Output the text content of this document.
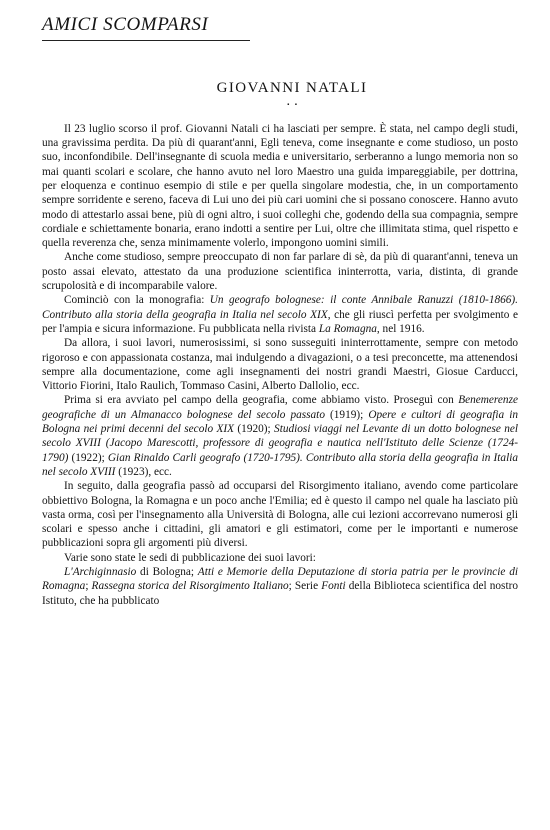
AMICI SCOMPARSI
GIOVANNI NATALI
▪ ▪

Il 23 luglio scorso il prof. Giovanni Natali ci ha lasciati per sempre. È stata, nel campo degli studi, una gravissima perdita. Da più di quarant'anni, Egli teneva, come insegnante e come studioso, un posto suo, inconfondibile. Dell'insegnante di scuola media e universitario, serberanno a lungo memoria non so mai quanti scolari e scolare, che hanno avuto nel loro Maestro una guida impareggiabile, per dottrina, per eloquenza e continuo esempio di stile e per quella singolare modestia, che, in un comportamento sempre sorridente e sereno, faceva di Lui uno dei più cari uomini che si possano conoscere. Hanno avuto modo di attestarlo assai bene, più di ogni altro, i suoi colleghi che, godendo della sua compagnia, sempre cordiale e schiettamente bonaria, erano indotti a sentire per Lui, oltre che illimitata stima, quel rispetto e quella reverenza che, senza minimamente volerlo, impongono uomini simili.

Anche come studioso, sempre preoccupato di non far parlare di sè, da più di quarant'anni, teneva un posto assai elevato, attestato da una produzione scientifica ininterrotta, varia, distinta, di grande scrupolosità e di incomparabile valore.

Cominciò con la monografia: Un geografo bolognese: il conte Annibale Ranuzzi (1810-1866). Contributo alla storia della geografia in Italia nel secolo XIX, che gli riuscì perfetta per svolgimento e per l'ampia e sicura informazione. Fu pubblicata nella rivista La Romagna, nel 1916.

Da allora, i suoi lavori, numerosissimi, si sono susseguiti ininterrottamente, sempre con metodo rigoroso e con appassionata costanza, mai indulgendo a divagazioni, o a tesi preconcette, ma attenendosi sempre alla documentazione, come agli insegnamenti dei nostri grandi Maestri, Giosue Carducci, Vittorio Fiorini, Italo Raulich, Tommaso Casini, Alberto Dallolio, ecc.

Prima si era avviato pel campo della geografia, come abbiamo visto. Proseguì con Benemerenze geografiche di un Almanacco bolognese del secolo passato (1919); Opere e cultori di geografia in Bologna nei primi decenni del secolo XIX (1920); Studiosi viaggi nel Levante di un dotto bolognese nel secolo XVIII (Jacopo Marescotti, professore di geografia e nautica nell'Istituto delle Scienze (1724-1790) (1922); Gian Rinaldo Carli geografo (1720-1795). Contributo alla storia della geografia in Italia nel secolo XVIII (1923), ecc.

In seguito, dalla geografia passò ad occuparsi del Risorgimento italiano, avendo come particolare obbiettivo Bologna, la Romagna e un poco anche l'Emilia; ed è questo il campo nel quale ha lasciato più vasta orma, così per l'insegnamento alla Università di Bologna, alle cui lezioni accorrevano numerosi gli scolari e spesso anche i cittadini, gli amatori e gli estimatori, come per le importanti e numerose pubblicazioni sopra gli argomenti più diversi.

Varie sono state le sedi di pubblicazione dei suoi lavori:

L'Archiginnasio di Bologna; Atti e Memorie della Deputazione di storia patria per le provincie di Romagna; Rassegna storica del Risorgimento Italiano; Serie Fonti della Biblioteca scientifica del nostro Istituto, che ha pubblicato
